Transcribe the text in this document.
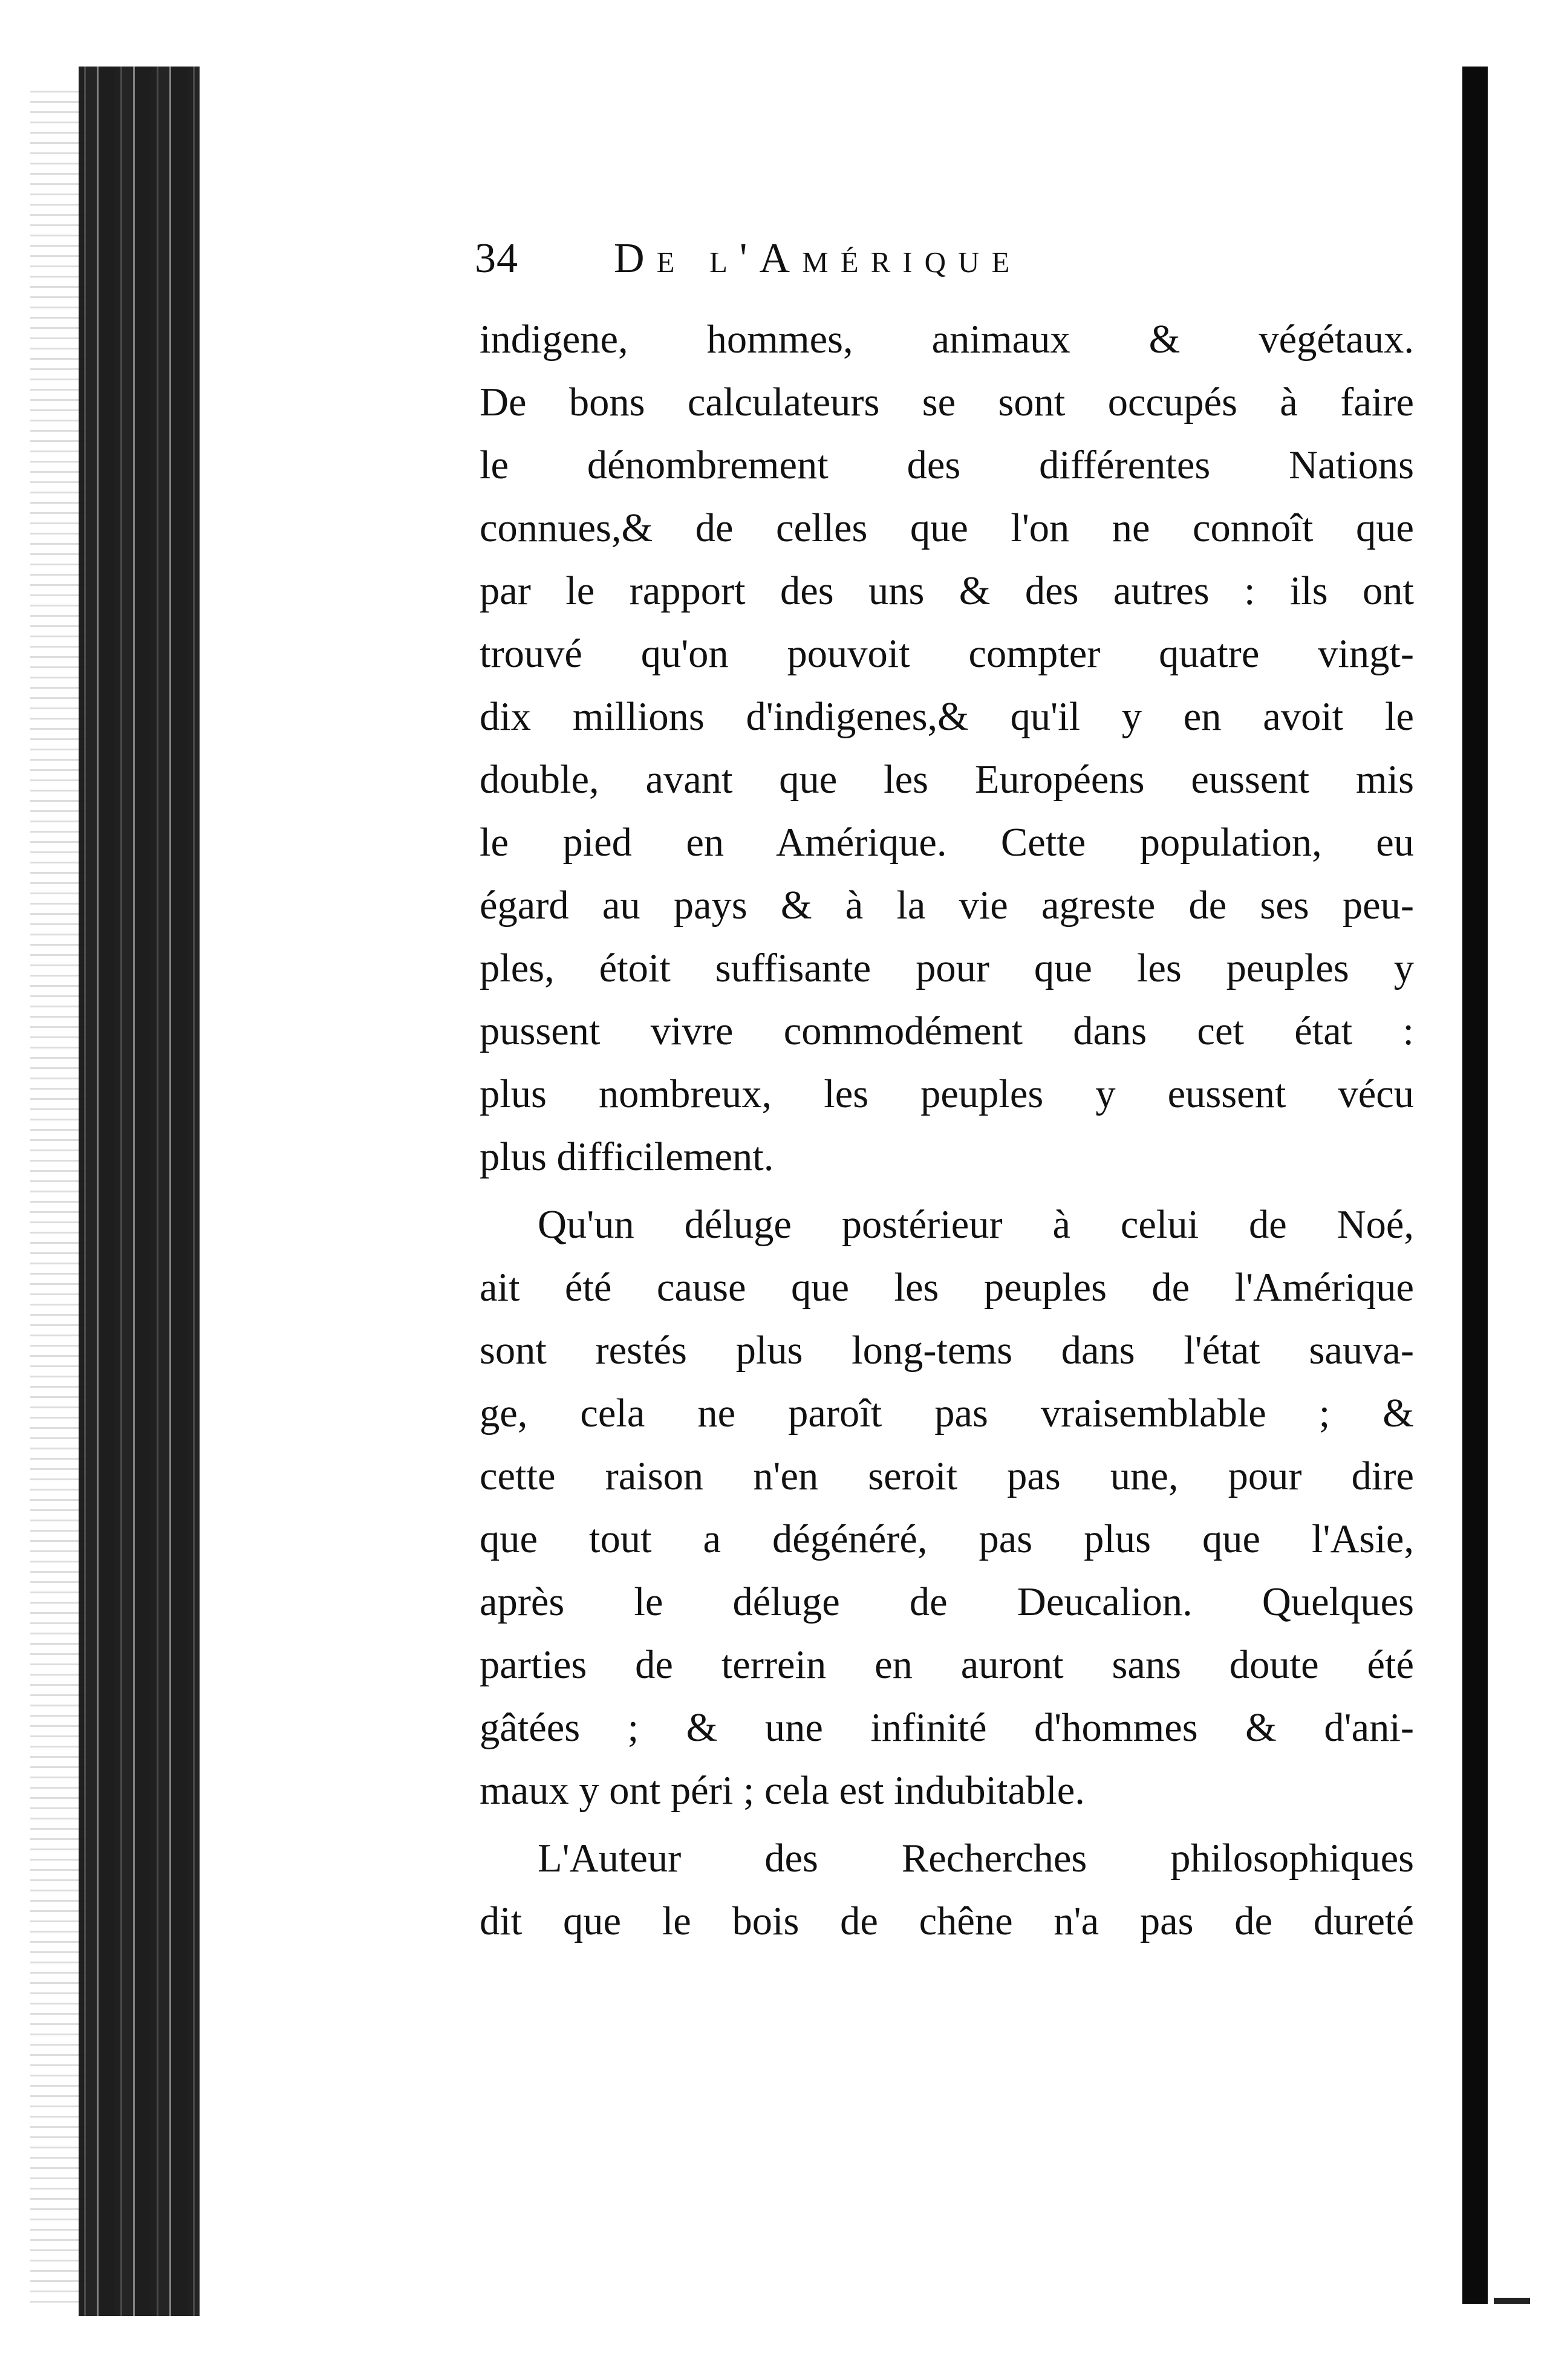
34	De l'Amérique
indigene, hommes, animaux & végétaux.
De bons calculateurs se sont occupés à faire
le dénombrement des différentes Nations
connues,& de celles que l'on ne connoît que
par le rapport des uns & des autres : ils ont
trouvé qu'on pouvoit compter quatre vingt-
dix millions d'indigenes,& qu'il y en avoit le
double, avant que les Européens eussent mis
le pied en Amérique. Cette population, eu
égard au pays & à la vie agreste de ses peu-
ples, étoit suffisante pour que les peuples y
pussent vivre commodément dans cet état :
plus nombreux, les peuples y eussent vécu
plus difficilement.
Qu'un déluge postérieur à celui de Noé,
ait été cause que les peuples de l'Amérique
sont restés plus long-tems dans l'état sauva-
ge, cela ne paroît pas vraisemblable ; &
cette raison n'en seroit pas une, pour dire
que tout a dégénéré, pas plus que l'Asie,
après le déluge de Deucalion. Quelques
parties de terrein en auront sans doute été
gâtées ; & une infinité d'hommes & d'ani-
maux y ont péri ; cela est indubitable.
L'Auteur des Recherches philosophiques
dit que le bois de chêne n'a pas de dureté
